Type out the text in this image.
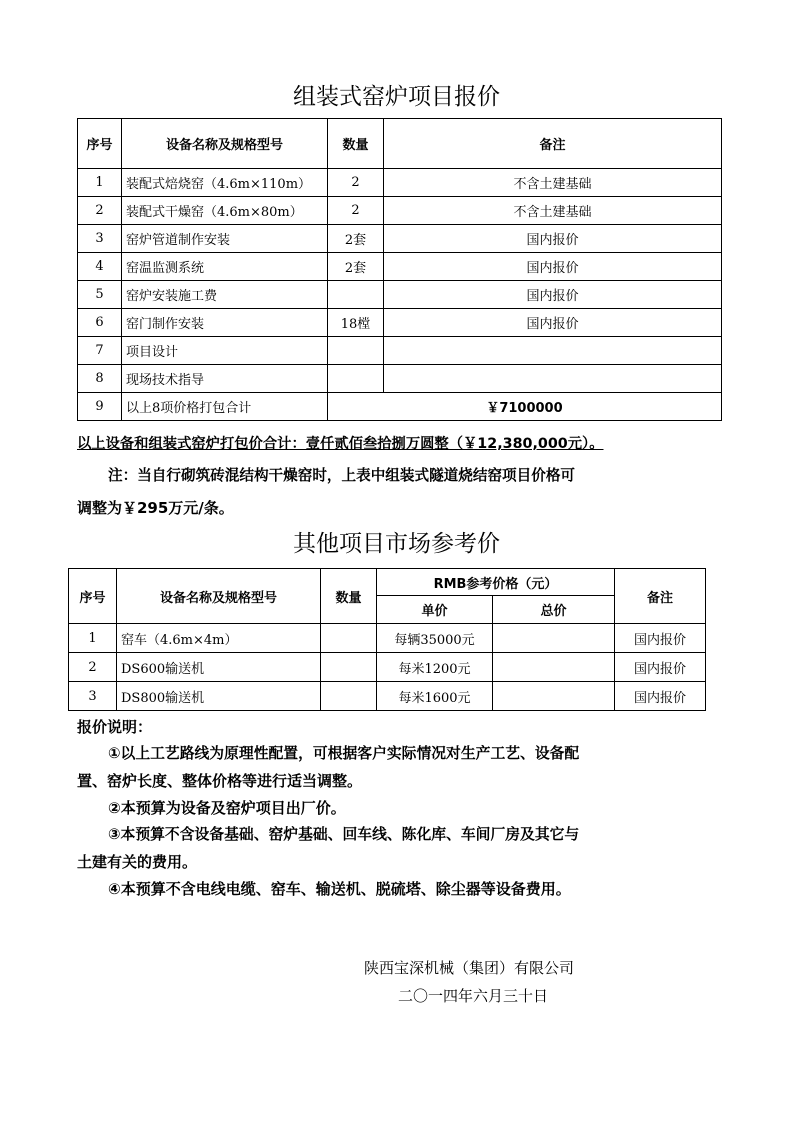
组装式窑炉项目报价
序号	设备名称及规格型号	数量	备注
1	装配式焙烧窑（4.6m×110m）	2	不含土建基础
2	装配式干燥窑（4.6m×80m）	2	不含土建基础
3	窑炉管道制作安装	2套	国内报价
4	窑温监测系统	2套	国内报价
5	窑炉安装施工费		国内报价
6	窑门制作安装	18樘	国内报价
7	项目设计		
8	现场技术指导		
9	以上8项价格打包合计	￥7100000	
以上设备和组装式窑炉打包价合计：壹仟贰佰叁拾捌万圆整（￥12,380,000元）。
注：当自行砌筑砖混结构干燥窑时，上表中组装式隧道烧结窑项目价格可
调整为￥295万元/条。
其他项目市场参考价
序号	设备名称及规格型号	数量	RMB参考价格（元）		备注
			单价	总价	
1	窑车（4.6m×4m）		每辆35000元		国内报价
2	DS600输送机		每米1200元		国内报价
3	DS800输送机		每米1600元		国内报价
报价说明：
①以上工艺路线为原理性配置，可根据客户实际情况对生产工艺、设备配
置、窑炉长度、整体价格等进行适当调整。
②本预算为设备及窑炉项目出厂价。
③本预算不含设备基础、窑炉基础、回车线、陈化库、车间厂房及其它与
土建有关的费用。
④本预算不含电线电缆、窑车、输送机、脱硫塔、除尘器等设备费用。
陕西宝深机械（集团）有限公司
二〇一四年六月三十日
